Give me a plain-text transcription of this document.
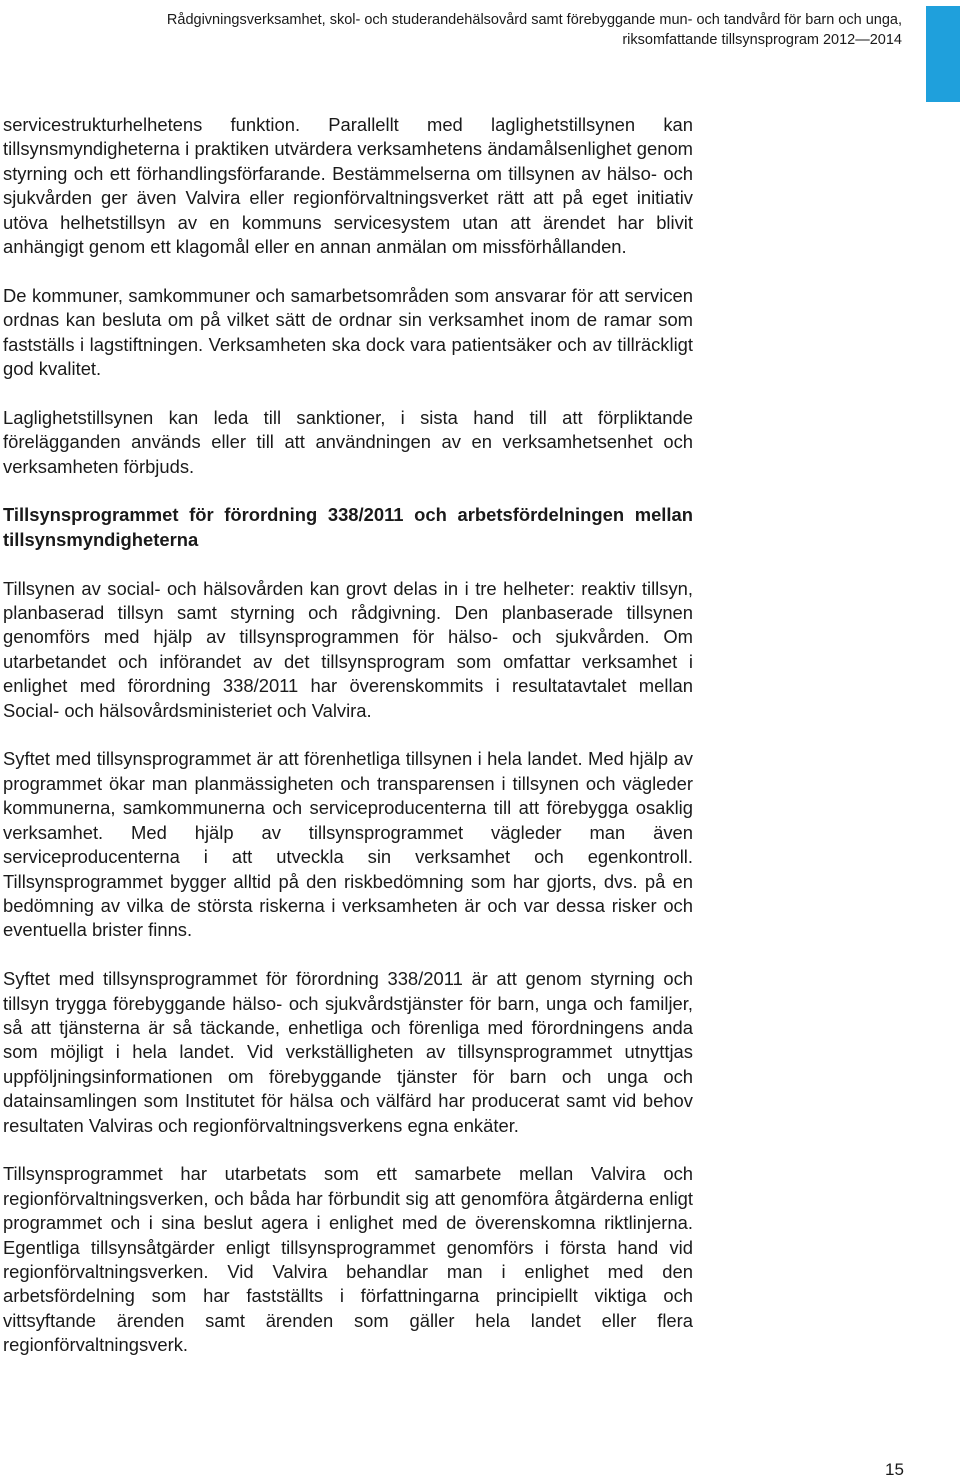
Rådgivningsverksamhet, skol- och studerandehälsovård samt förebyggande mun- och tandvård för barn och unga,
riksomfattande tillsynsprogram 2012—2014

servicestrukturhelhetens funktion. Parallellt med laglighetstillsynen kan tillsynsmyndigheterna i praktiken utvärdera verksamhetens ändamålsenlighet genom styrning och ett förhandlingsförfarande. Bestämmelserna om tillsynen av hälso- och sjukvården ger även Valvira eller regionförvaltningsverket rätt att på eget initiativ utöva helhetstillsyn av en kommuns servicesystem utan att ärendet har blivit anhängigt genom ett klagomål eller en annan anmälan om missförhållanden.

De kommuner, samkommuner och samarbetsområden som ansvarar för att servicen ordnas kan besluta om på vilket sätt de ordnar sin verksamhet inom de ramar som fastställs i lagstiftningen. Verksamheten ska dock vara patientsäker och av tillräckligt god kvalitet.

Laglighetstillsynen kan leda till sanktioner, i sista hand till att förpliktande förelägganden används eller till att användningen av en verksamhetsenhet och verksamheten förbjuds.

Tillsynsprogrammet för förordning 338/2011 och arbetsfördelningen mellan tillsynsmyndigheterna

Tillsynen av social- och hälsovården kan grovt delas in i tre helheter: reaktiv tillsyn, planbaserad tillsyn samt styrning och rådgivning. Den planbaserade tillsynen genomförs med hjälp av tillsynsprogrammen för hälso- och sjukvården. Om utarbetandet och införandet av det tillsynsprogram som omfattar verksamhet i enlighet med förordning 338/2011 har överenskommits i resultatavtalet mellan Social- och hälsovårdsministeriet och Valvira.

Syftet med tillsynsprogrammet är att förenhetliga tillsynen i hela landet. Med hjälp av programmet ökar man planmässigheten och transparensen i tillsynen och vägleder kommunerna, samkommunerna och serviceproducenterna till att förebygga osaklig verksamhet. Med hjälp av tillsynsprogrammet vägleder man även serviceproducenterna i att utveckla sin verksamhet och egenkontroll. Tillsynsprogrammet bygger alltid på den riskbedömning som har gjorts, dvs. på en bedömning av vilka de största riskerna i verksamheten är och var dessa risker och eventuella brister finns.

Syftet med tillsynsprogrammet för förordning 338/2011 är att genom styrning och tillsyn trygga förebyggande hälso- och sjukvårdstjänster för barn, unga och familjer, så att tjänsterna är så täckande, enhetliga och förenliga med förordningens anda som möjligt i hela landet. Vid verkställigheten av tillsynsprogrammet utnyttjas uppföljningsinformationen om förebyggande tjänster för barn och unga och datainsamlingen som Institutet för hälsa och välfärd har producerat samt vid behov resultaten Valviras och regionförvaltningsverkens egna enkäter.

Tillsynsprogrammet har utarbetats som ett samarbete mellan Valvira och regionförvaltningsverken, och båda har förbundit sig att genomföra åtgärderna enligt programmet och i sina beslut agera i enlighet med de överenskomna riktlinjerna. Egentliga tillsynsåtgärder enligt tillsynsprogrammet genomförs i första hand vid regionförvaltningsverken. Vid Valvira behandlar man i enlighet med den arbetsfördelning som har fastställts i författningarna principiellt viktiga och vittsyftande ärenden samt ärenden som gäller hela landet eller flera regionförvaltningsverk.

15
